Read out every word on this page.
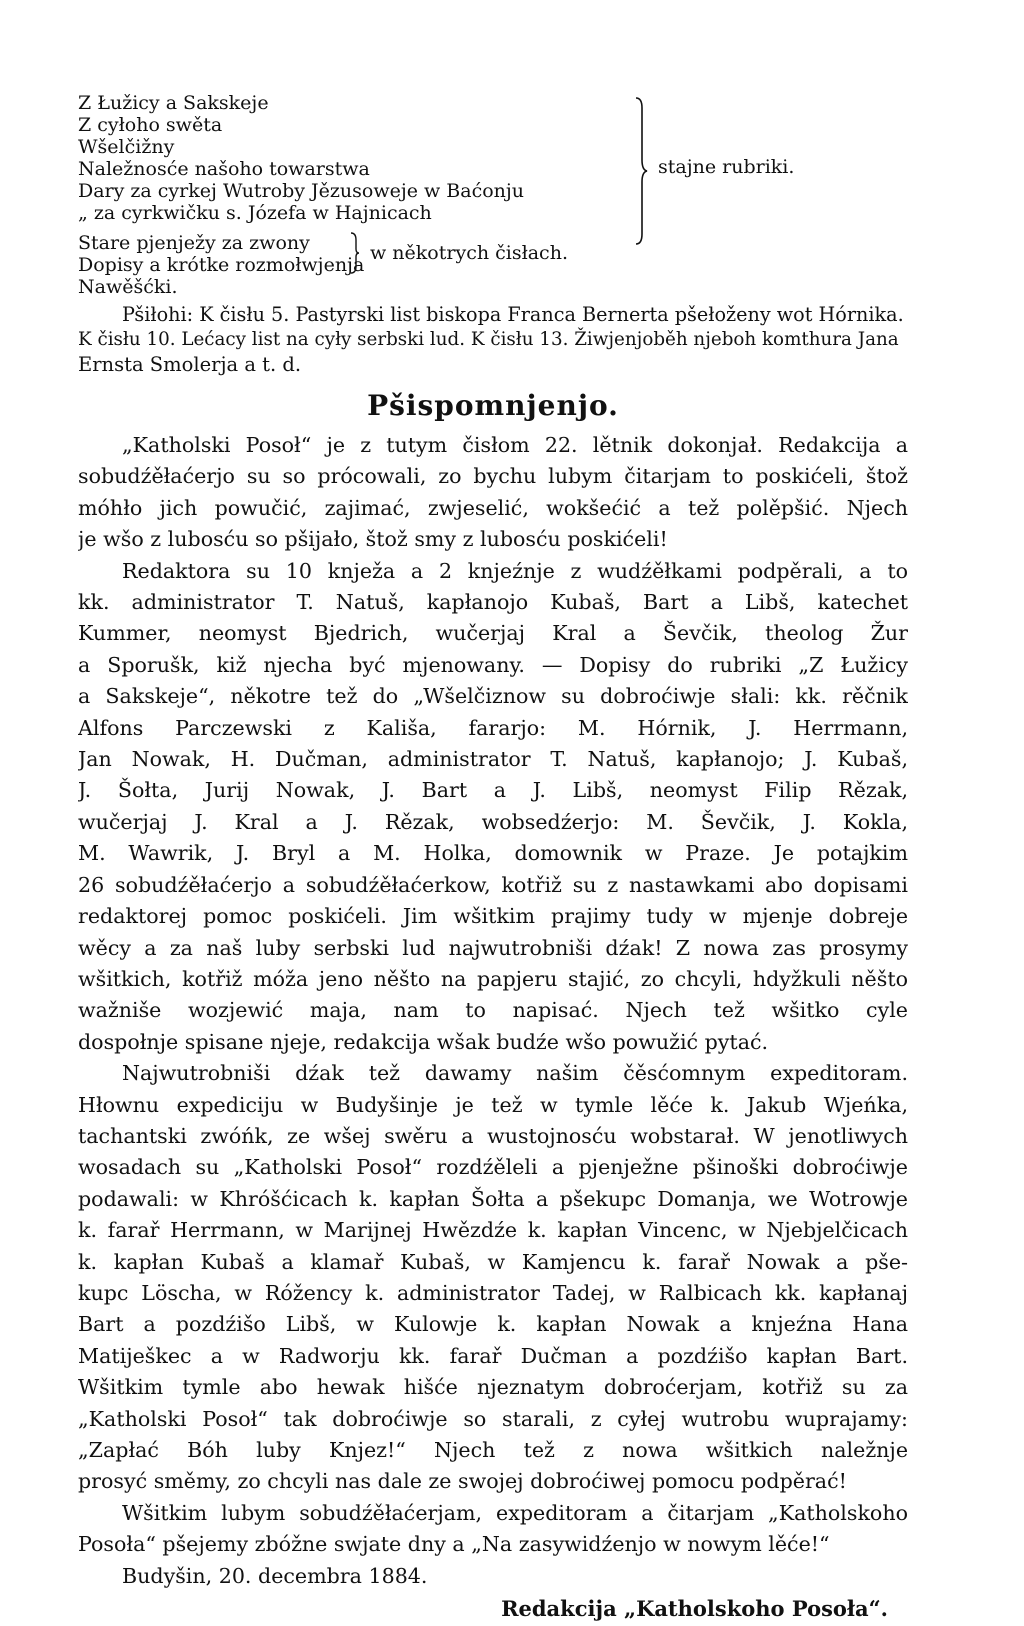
Z Łužicy a Sakskeje
Z cyłoho swěta
Wšelčižny
Naležnosće našoho towarstwa
Dary za cyrkej Wutroby Jězusoweje w Baćonju
„ za cyrkwičku s. Józefa w Hajnicach
Stare pjenježy za zwony
Dopisy a krótke rozmołwjenja
Nawěšćki.
stajne rubriki.
w někotrych čisłach.
Pšiłohi: K čisłu 5. Pastyrski list biskopa Franca Bernerta pšełoženy wot Hórnika.
K čisłu 10. Lećacy list na cyły serbski lud. K čisłu 13. Žiwjenjoběh njeboh komthura Jana
Ernsta Smolerja a t. d.
Pšispomnjenjo.
„Katholski Posoł“ je z tutym čisłom 22. lětnik dokonjał. Redakcija a
sobudźěłaćerjo su so prócowali, zo bychu lubym čitarjam to poskićeli, štož
móhło jich powučić, zajimać, zwjeselić, wokšećić a tež polěpšić. Njech
je wšo z lubosću so pšijało, štož smy z lubosću poskićeli!
Redaktora su 10 knježa a 2 knjeźnje z wudźěłkami podpěrali, a to
kk. administrator T. Natuš, kapłanojo Kubaš, Bart a Libš, katechet
Kummer, neomyst Bjedrich, wučerjaj Kral a Ševčik, theolog Žur
a Sporušk, kiž njecha być mjenowany. — Dopisy do rubriki „Z Łužicy
a Sakskeje“, někotre tež do „Wšelčiznow su dobroćiwje słali: kk. rěčnik
Alfons Parczewski z Kališa, fararjo: M. Hórnik, J. Herrmann,
Jan Nowak, H. Dučman, administrator T. Natuš, kapłanojo; J. Kubaš,
J. Šołta, Jurij Nowak, J. Bart a J. Libš, neomyst Filip Rězak,
wučerjaj J. Kral a J. Rězak, wobsedźerjo: M. Ševčik, J. Kokla,
M. Wawrik, J. Bryl a M. Holka, domownik w Praze. Je potajkim
26 sobudźěłaćerjo a sobudźěłaćerkow, kotřiž su z nastawkami abo dopisami
redaktorej pomoc poskićeli. Jim wšitkim prajimy tudy w mjenje dobreje
wěcy a za naš luby serbski lud najwutrobniši dźak! Z nowa zas prosymy
wšitkich, kotřiž móža jeno něšto na papjeru stajić, zo chcyli, hdyžkuli něšto
wažniše wozjewić maja, nam to napisać. Njech tež wšitko cyle
dospołnje spisane njeje, redakcija wšak budźe wšo powužić pytać.
Najwutrobniši dźak tež dawamy našim čěsćomnym expeditoram.
Hłownu expediciju w Budyšinje je tež w tymle lěće k. Jakub Wjeńka,
tachantski zwóńk, ze wšej swěru a wustojnosću wobstarał. W jenotliwych
wosadach su „Katholski Posoł“ rozdźěleli a pjenježne pšinoški dobroćiwje
podawali: w Khróšćicach k. kapłan Šołta a pšekupc Domanja, we Wotrowje
k. farař Herrmann, w Marijnej Hwězdźe k. kapłan Vincenc, w Njebjelčicach
k. kapłan Kubaš a klamař Kubaš, w Kamjencu k. farař Nowak a pše-
kupc Löscha, w Róžency k. administrator Tadej, w Ralbicach kk. kapłanaj
Bart a pozdźišo Libš, w Kulowje k. kapłan Nowak a knjeźna Hana
Matiješkec a w Radworju kk. farař Dučman a pozdźišo kapłan Bart.
Wšitkim tymle abo hewak hišće njeznatym dobroćerjam, kotřiž su za
„Katholski Posoł“ tak dobroćiwje so starali, z cyłej wutrobu wuprajamy:
„Zapłać Bóh luby Knjez!“ Njech tež z nowa wšitkich naležnje
prosyć směmy, zo chcyli nas dale ze swojej dobroćiwej pomocu podpěrać!
Wšitkim lubym sobudźěłaćerjam, expeditoram a čitarjam „Katholskoho
Posoła“ pšejemy zbóžne swjate dny a „Na zasywidźenjo w nowym lěće!“
Budyšin, 20. decembra 1884.
Redakcija „Katholskoho Posoła“.
